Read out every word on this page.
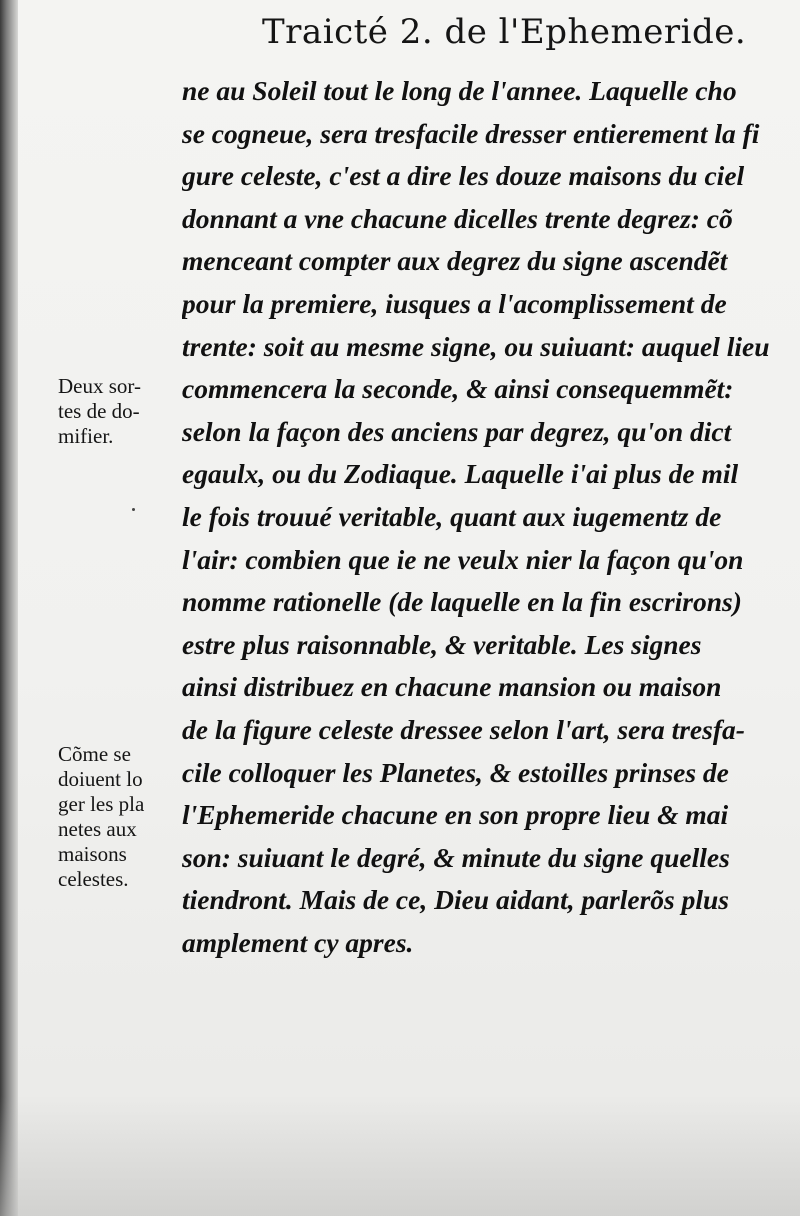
Traicté 2. de l'Ephemeride.
ne au Soleil tout le long de l'annee. Laquelle cho
se cogneue, sera tresfacile dresser entierement la fi
gure celeste, c'est a dire les douze maisons du ciel
donnant a vne chacune dicelles trente degrez: cõ
menceant compter aux degrez du signe ascendẽt
pour la premiere, iusques a l'acomplissement de
trente: soit au mesme signe, ou suiuant: auquel lieu
commencera la seconde, & ainsi consequemmẽt:
selon la façon des anciens par degrez, qu'on dict
egaulx, ou du Zodiaque. Laquelle i'ai plus de mil
le fois trouué veritable, quant aux iugementz de
l'air: combien que ie ne veulx nier la façon qu'on
nomme rationelle (de laquelle en la fin escrirons)
estre plus raisonnable, & veritable. Les signes
ainsi distribuez en chacune mansion ou maison
de la figure celeste dressee selon l'art, sera tresfa-
cile colloquer les Planetes, & estoilles prinses de
l'Ephemeride chacune en son propre lieu & mai
son: suiuant le degré, & minute du signe quelles
tiendront. Mais de ce, Dieu aidant, parlerõs plus
amplement cy apres.
Deux sor-
tes de do-
mifier.
Cõme se
doiuent lo
ger les pla
netes aux
maisons
celestes.
